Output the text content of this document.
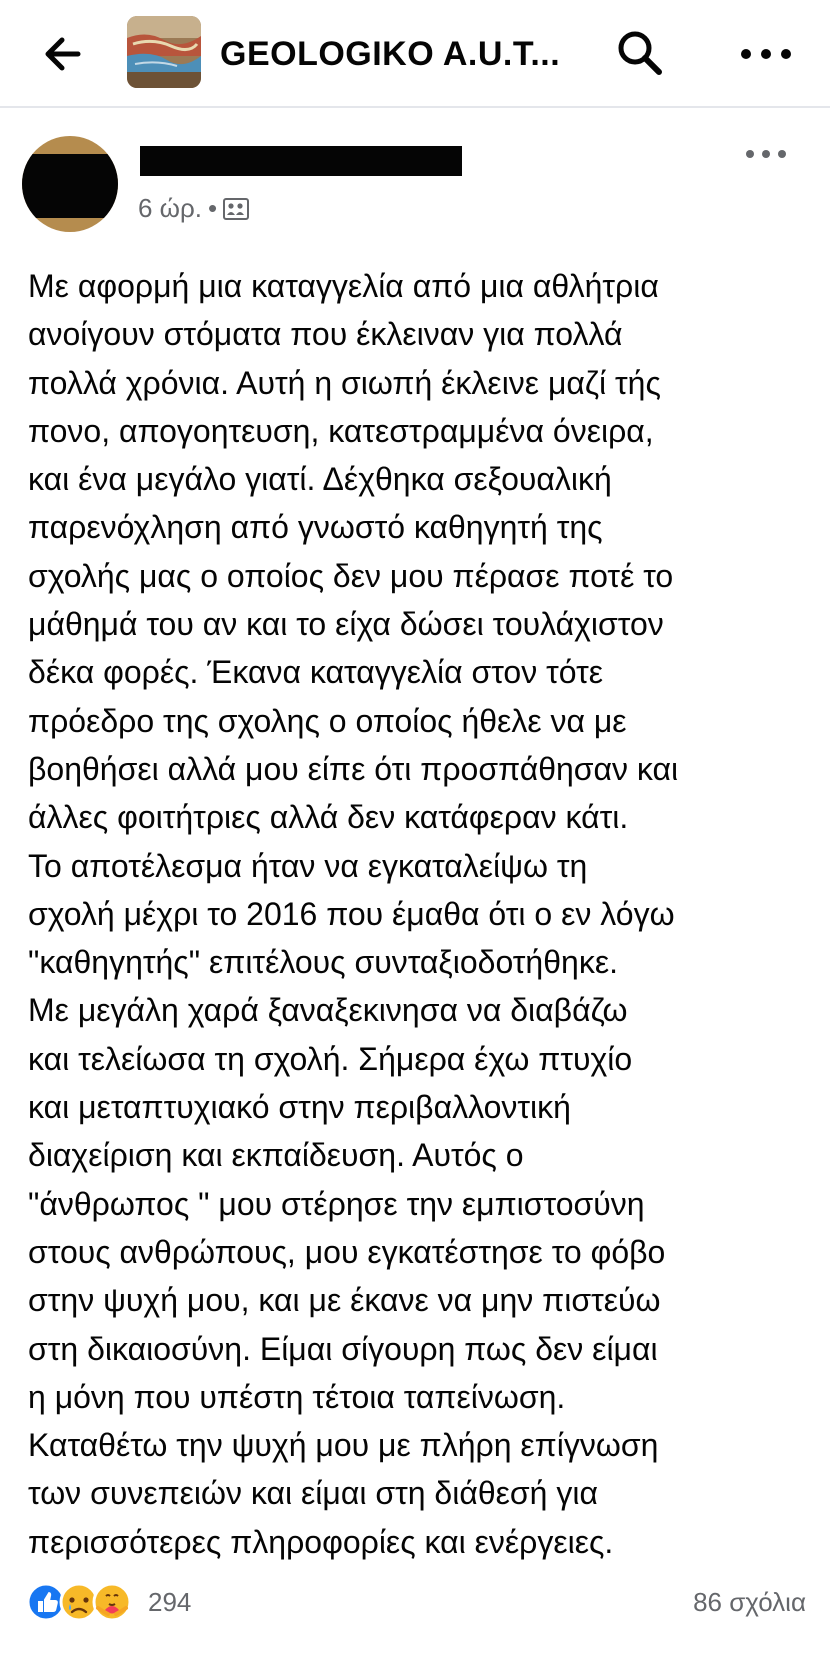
GEOLOGIKO A.U.T...
6 ώρ. •
Με αφορμή μια καταγγελία από μια αθλήτρια
ανοίγουν στόματα που έκλειναν για πολλά
πολλά χρόνια. Αυτή η σιωπή έκλεινε μαζί τής
πονο, απογοητευση, κατεστραμμένα όνειρα,
και ένα μεγάλο γιατί. Δέχθηκα σεξουαλική
παρενόχληση από γνωστό καθηγητή της
σχολής μας ο οποίος δεν μου πέρασε ποτέ το
μάθημά του αν και το είχα δώσει τουλάχιστον
δέκα φορές. Έκανα καταγγελία στον τότε
πρόεδρο της σχολης ο οποίος ήθελε να με
βοηθήσει αλλά μου είπε ότι προσπάθησαν και
άλλες φοιτήτριες αλλά δεν κατάφεραν κάτι.
Το αποτέλεσμα ήταν να εγκαταλείψω τη
σχολή μέχρι το 2016 που έμαθα ότι ο εν λόγω
"καθηγητής" επιτέλους συνταξιοδοτήθηκε.
Με μεγάλη χαρά ξαναξεκινησα να διαβάζω
και τελείωσα τη σχολή. Σήμερα έχω πτυχίο
και μεταπτυχιακό στην περιβαλλοντική
διαχείριση και εκπαίδευση. Αυτός ο
"άνθρωπος " μου στέρησε την εμπιστοσύνη
στους ανθρώπους, μου εγκατέστησε το φόβο
στην ψυχή μου, και με έκανε να μην πιστεύω
στη δικαιοσύνη. Είμαι σίγουρη πως δεν είμαι
η μόνη που υπέστη τέτοια ταπείνωση.
Καταθέτω την ψυχή μου με πλήρη επίγνωση
των συνεπειών και είμαι στη διάθεσή για
περισσότερες πληροφορίες και ενέργειες.
294	86 σχόλια
